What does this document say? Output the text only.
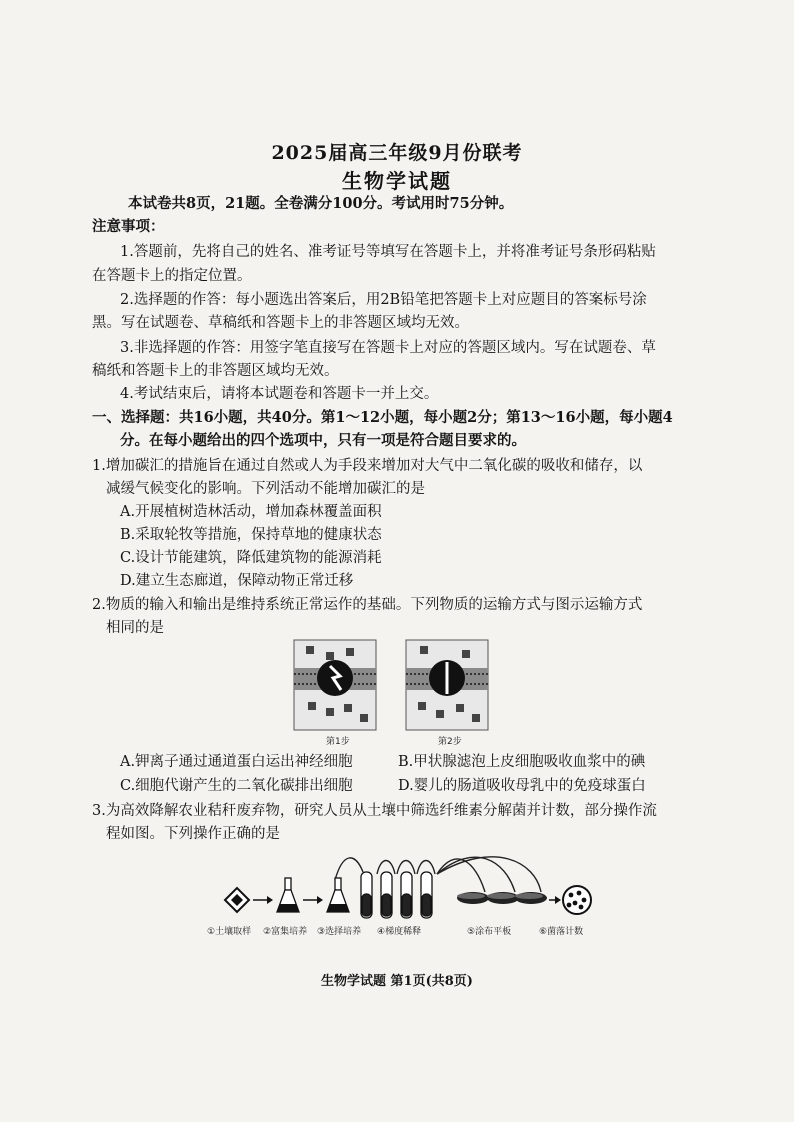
2025届高三年级9月份联考
生物学试题
本试卷共8页，21题。全卷满分100分。考试用时75分钟。
注意事项：
1.答题前，先将自己的姓名、准考证号等填写在答题卡上，并将准考证号条形码粘贴
在答题卡上的指定位置。
2.选择题的作答：每小题选出答案后，用2B铅笔把答题卡上对应题目的答案标号涂
黑。写在试题卷、草稿纸和答题卡上的非答题区域均无效。
3.非选择题的作答：用签字笔直接写在答题卡上对应的答题区域内。写在试题卷、草
稿纸和答题卡上的非答题区域均无效。
4.考试结束后，请将本试题卷和答题卡一并上交。
一、选择题：共16小题，共40分。第1～12小题，每小题2分；第13～16小题，每小题4
分。在每小题给出的四个选项中，只有一项是符合题目要求的。
1.增加碳汇的措施旨在通过自然或人为手段来增加对大气中二氧化碳的吸收和储存，以
减缓气候变化的影响。下列活动不能增加碳汇的是
A.开展植树造林活动，增加森林覆盖面积
B.采取轮牧等措施，保持草地的健康状态
C.设计节能建筑，降低建筑物的能源消耗
D.建立生态廊道，保障动物正常迁移
2.物质的输入和输出是维持系统正常运作的基础。下列物质的运输方式与图示运输方式
相同的是
第1步	第2步
A.钾离子通过通道蛋白运出神经细胞	B.甲状腺滤泡上皮细胞吸收血浆中的碘
C.细胞代谢产生的二氧化碳排出细胞	D.婴儿的肠道吸收母乳中的免疫球蛋白
3.为高效降解农业秸秆废弃物，研究人员从土壤中筛选纤维素分解菌并计数，部分操作流
程如图。下列操作正确的是
①土壤取样 ②富集培养 ③选择培养 ④梯度稀释	⑤涂布平板	⑥菌落计数
生物学试题 第1页(共8页)
